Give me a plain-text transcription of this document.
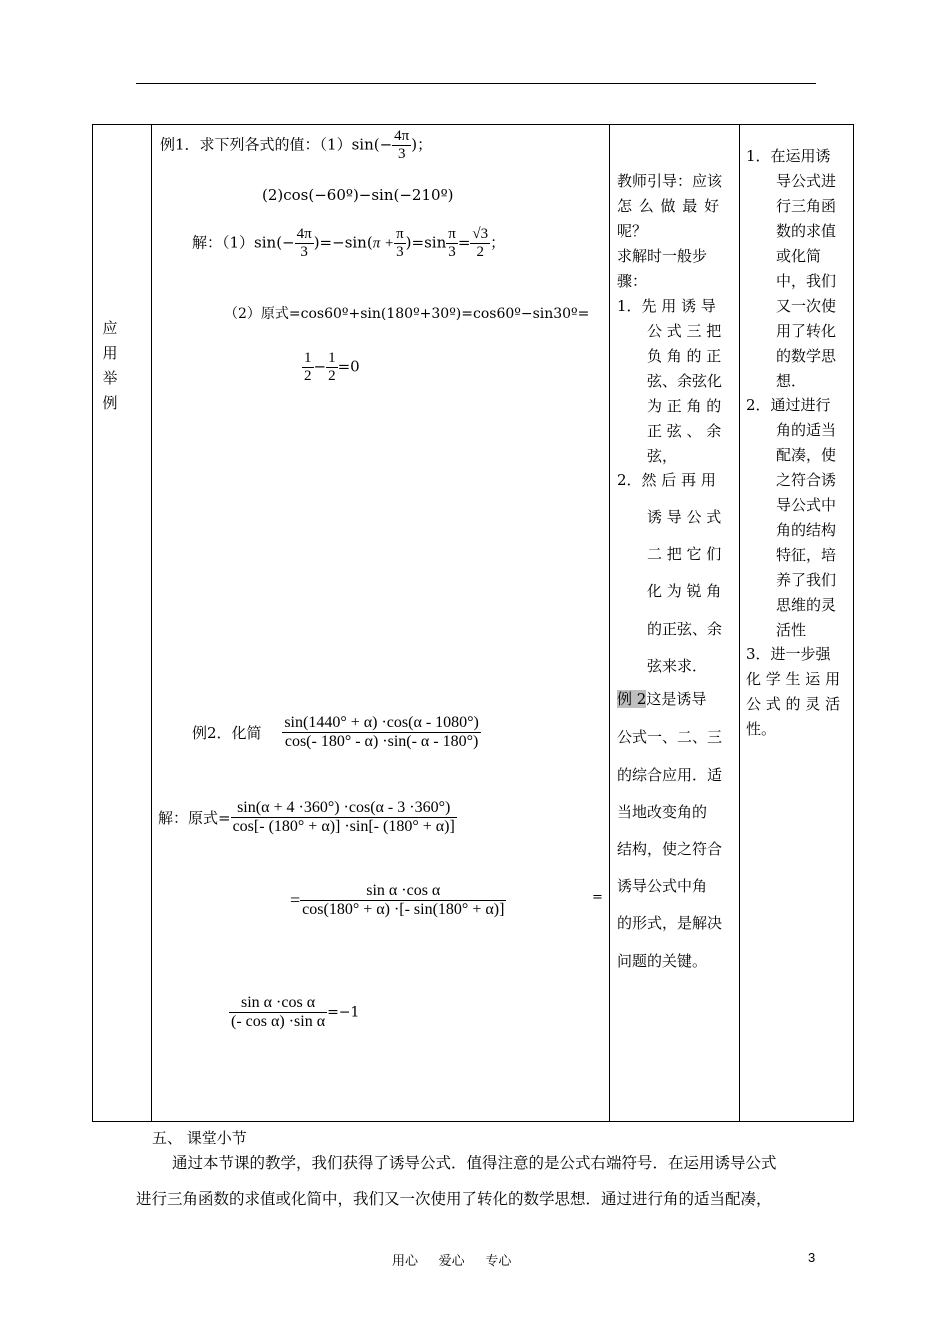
应用举例
例1．求下列各式的值：$(1)\sin(- \frac{4\pi}{3}$ )；
(2)cos(−60º)−sin(−210º)
解：$(1)\sin(- \frac{4\pi}{3} )=-\sin(\pi + \frac{\pi}{3} )=\sin \frac{\pi}{3} = \frac{√3}{2}$ ；
（2）原式=cos60º+sin(180º+30º)=cos60º−sin30º=
$\frac{1}{2} - \frac{1}{2} =0$
例2．化简 $\frac{\sin(1440^\circ + \alpha) \cdot\cos(\alpha - 1080^\circ)}{\cos(- 180^\circ - \alpha) \cdot\sin(- \alpha - 180^\circ)}$
解：原式= $\frac{\sin(\alpha + 4 \cdot 360^\circ) \cdot\cos(\alpha - 3 \cdot 360^\circ)}{\cos[- (180^\circ + \alpha)] \cdot\sin[- (180^\circ + \alpha)]}$
= $\frac{\text{sin α ·cos α}}{\cos(180^\circ + \alpha) \cdot[- \sin(180^\circ + \alpha)]}$	=
$\frac{\text{sin α ·cos α}}{\text{(- cos α) ·sin α}} =-1$
教师引导：应该
怎 么 做 最 好
呢？
求解时一般步
骤：
1．先 用 诱 导
公 式 三 把
负 角 的 正
弦、余弦化
为 正 角 的
正 弦 、 余
弦，
2．然 后 再 用
诱 导 公 式
二 把 它 们
化 为 锐 角
的正弦、余
弦来求．
例 2这是诱导
公式一、二、三
的综合应用．适
当地改变角的
结构，使之符合
诱导公式中角
的形式，是解决
问题的关键。
1．在运用诱
导公式进
行三角函
数的求值
或化简
中，我们
又一次使
用了转化
的数学思
想．
2．通过进行
角的适当
配凑，使
之符合诱
导公式中
角的结构
特征，培
养了我们
思维的灵
活性
3．进一步强
化 学 生 运 用
公 式 的 灵 活
性。
五、 课堂小节
通过本节课的教学，我们获得了诱导公式．值得注意的是公式右端符号．在运用诱导公式
进行三角函数的求值或化简中，我们又一次使用了转化的数学思想．通过进行角的适当配凑，
用心     爱心     专心	3
